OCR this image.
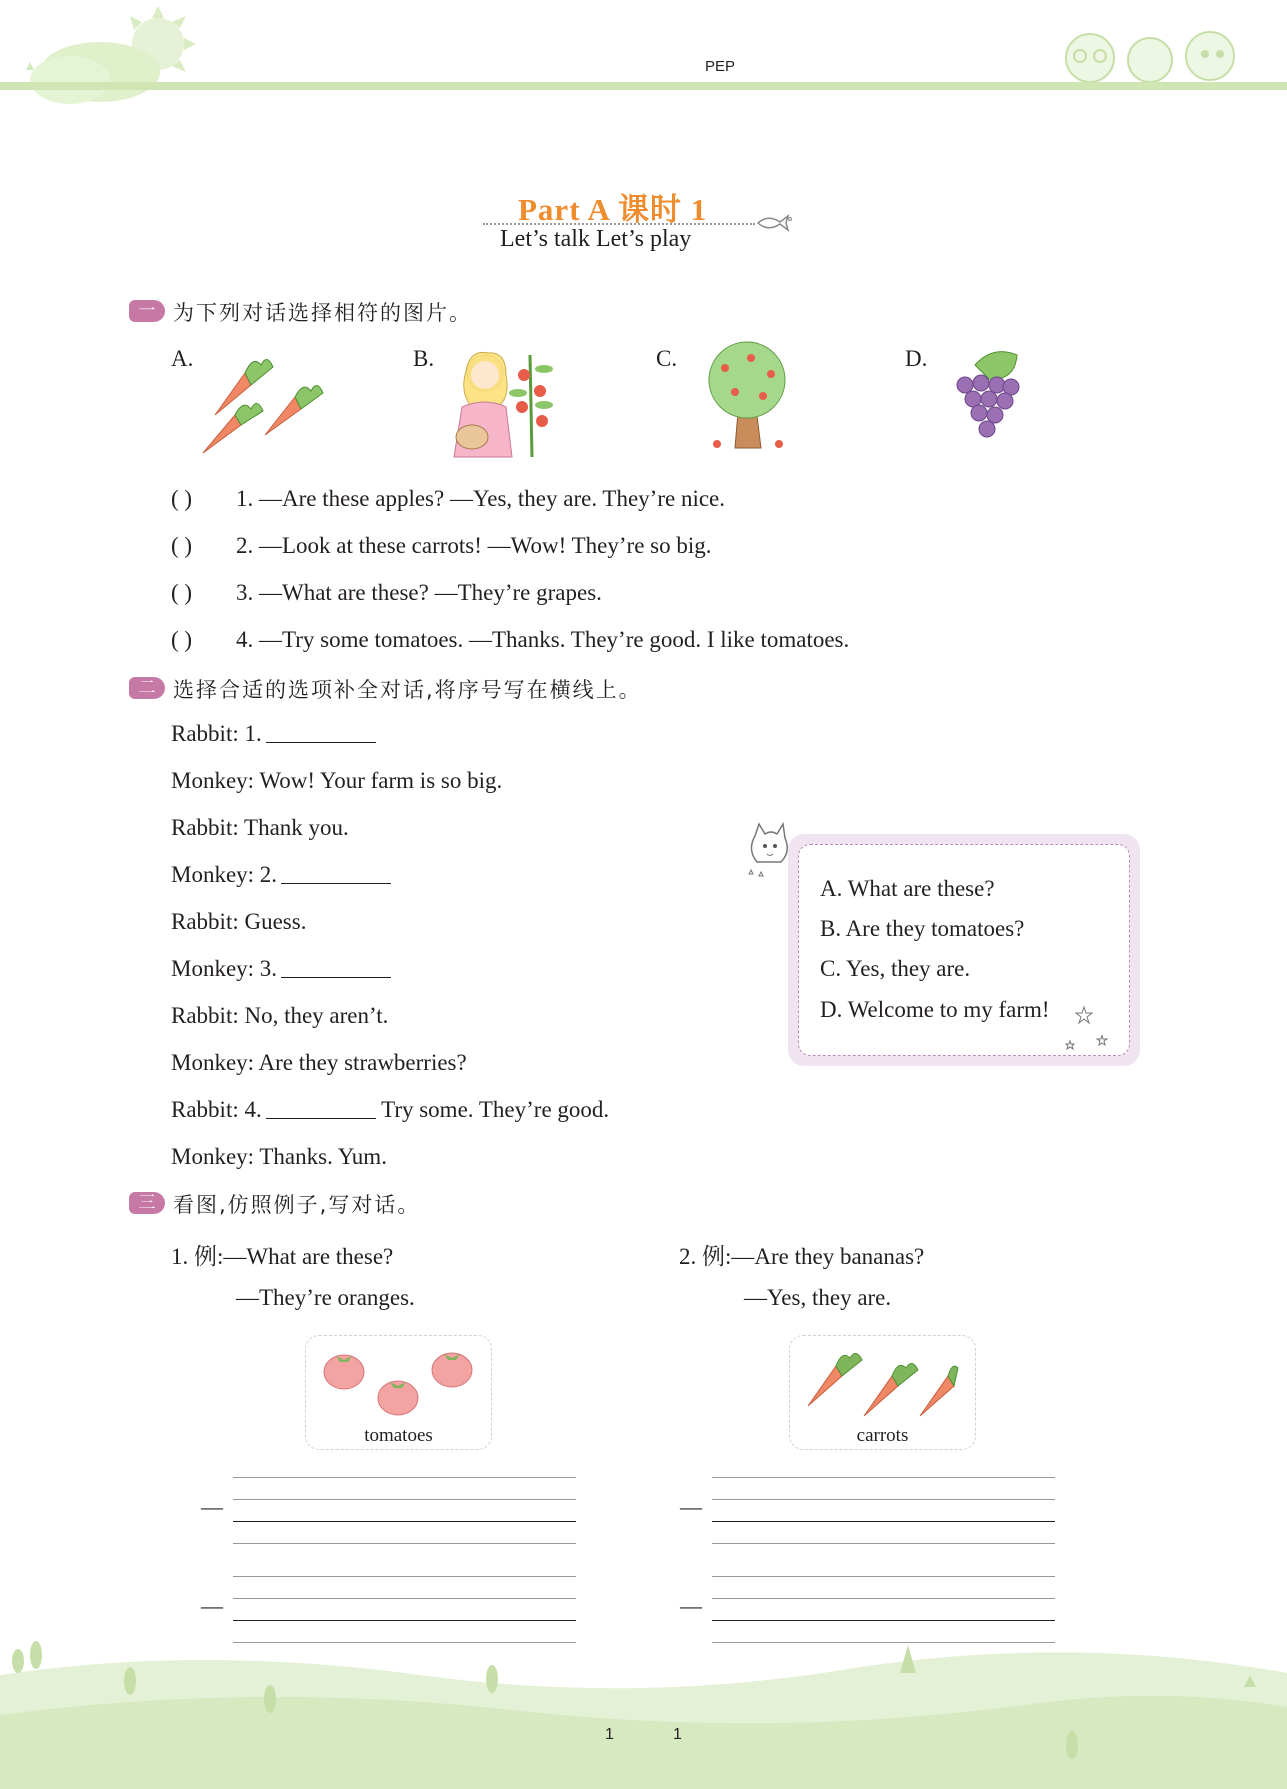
PEP
Part A 课时 1
Let’s talk Let’s play
一 为下列对话选择相符的图片。
A.	B.	C.	D.
( ) 1. —Are these apples? —Yes, they are. They’re nice.
( ) 2. —Look at these carrots! —Wow! They’re so big.
( ) 3. —What are these? —They’re grapes.
( ) 4. —Try some tomatoes. —Thanks. They’re good. I like tomatoes.
二 选择合适的选项补全对话,将序号写在横线上。
Rabbit: 1.
Monkey: Wow! Your farm is so big.
Rabbit: Thank you.
Monkey: 2.
Rabbit: Guess.
Monkey: 3.
Rabbit: No, they aren’t.
Monkey: Are they strawberries?
Rabbit: 4.	Try some. They’re good.
Monkey: Thanks. Yum.
A. What are these?
B. Are they tomatoes?
C. Yes, they are.
D. Welcome to my farm!
三 看图,仿照例子,写对话。
1. 例:—What are these?
—They’re oranges.
2. 例:—Are they bananas?
—Yes, they are.
tomatoes	carrots
—
—
—
—
1	1
